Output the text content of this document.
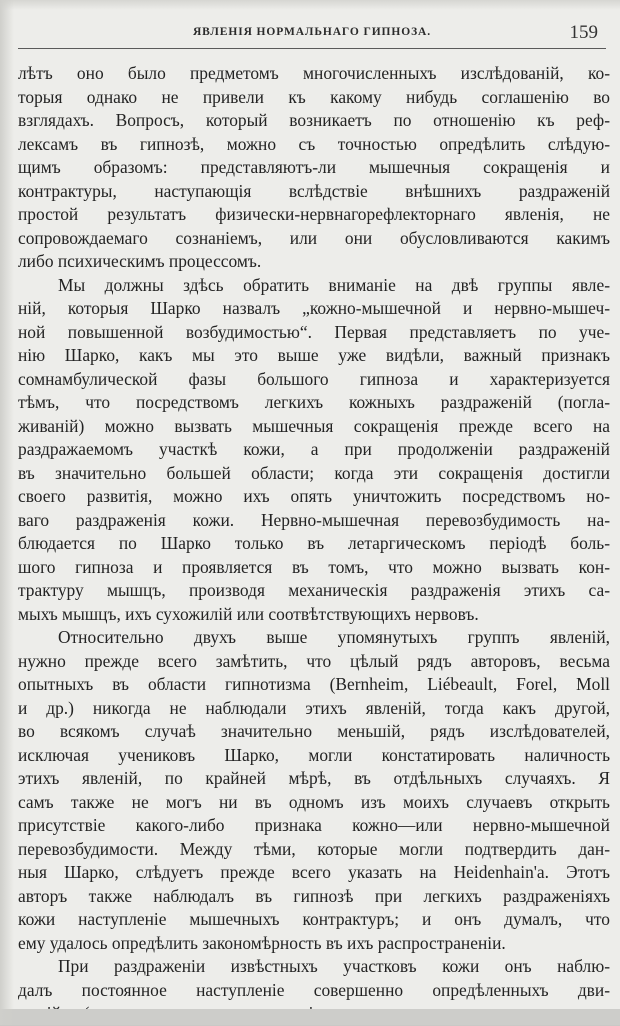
ЯВЛЕНІЯ НОРМАЛЬНАГО ГИПНОЗА.	159
лѣтъ оно было предметомъ многочисленныхъ изслѣдованій, ко-
торыя однако не привели къ какому нибудь соглашенію во
взглядахъ. Вопросъ, который возникаетъ по отношенію къ реф-
лексамъ въ гипнозѣ, можно съ точностью опредѣлить слѣдую-
щимъ образомъ: представляютъ-ли мышечныя сокращенія и
контрактуры, наступающія вслѣдствіе внѣшнихъ раздраженій
простой результатъ физически-нервнагорефлекторнаго явленія, не
сопровождаемаго сознаніемъ, или они обусловливаются какимъ
либо психическимъ процессомъ.
Мы должны здѣсь обратить вниманіе на двѣ группы явле-
ній, которыя Шарко назвалъ „кожно-мышечной и нервно-мышеч-
ной повышенной возбудимостью“. Первая представляетъ по уче-
нію Шарко, какъ мы это выше уже видѣли, важный признакъ
сомнамбулической фазы большого гипноза и характеризуется
тѣмъ, что посредствомъ легкихъ кожныхъ раздраженій (погла-
живаній) можно вызвать мышечныя сокращенія прежде всего на
раздражаемомъ участкѣ кожи, а при продолженіи раздраженій
въ значительно большей области; когда эти сокращенія достигли
своего развитія, можно ихъ опять уничтожить посредствомъ но-
ваго раздраженія кожи. Нервно-мышечная перевозбудимость на-
блюдается по Шарко только въ летаргическомъ періодѣ боль-
шого гипноза и проявляется въ томъ, что можно вызвать кон-
трактуру мышцъ, производя механическія раздраженія этихъ са-
мыхъ мышцъ, ихъ сухожилій или соотвѣтствующихъ нервовъ.
Относительно двухъ выше упомянутыхъ группъ явленій,
нужно прежде всего замѣтить, что цѣлый рядъ авторовъ, весьма
опытныхъ въ области гипнотизма (Bernheim, Liébeault, Forel, Moll
и др.) никогда не наблюдали этихъ явленій, тогда какъ другой,
во всякомъ случаѣ значительно меньшій, рядъ изслѣдователей,
исключая учениковъ Шарко, могли констатировать наличность
этихъ явленій, по крайней мѣрѣ, въ отдѣльныхъ случаяхъ. Я
самъ также не могъ ни въ одномъ изъ моихъ случаевъ открыть
присутствіе какого-либо признака кожно—или нервно-мышечной
перевозбудимости. Между тѣми, которые могли подтвердить дан-
ныя Шарко, слѣдуетъ прежде всего указать на Heidenhain'а. Этотъ
авторъ также наблюдалъ въ гипнозѣ при легкихъ раздраженіяхъ
кожи наступленіе мышечныхъ контрактуръ; и онъ думалъ, что
ему удалось опредѣлить закономѣрность въ ихъ распространеніи.
При раздраженіи извѣстныхъ участковъ кожи онъ наблю-
далъ постоянное наступленіе совершенно опредѣленныхъ дви-
